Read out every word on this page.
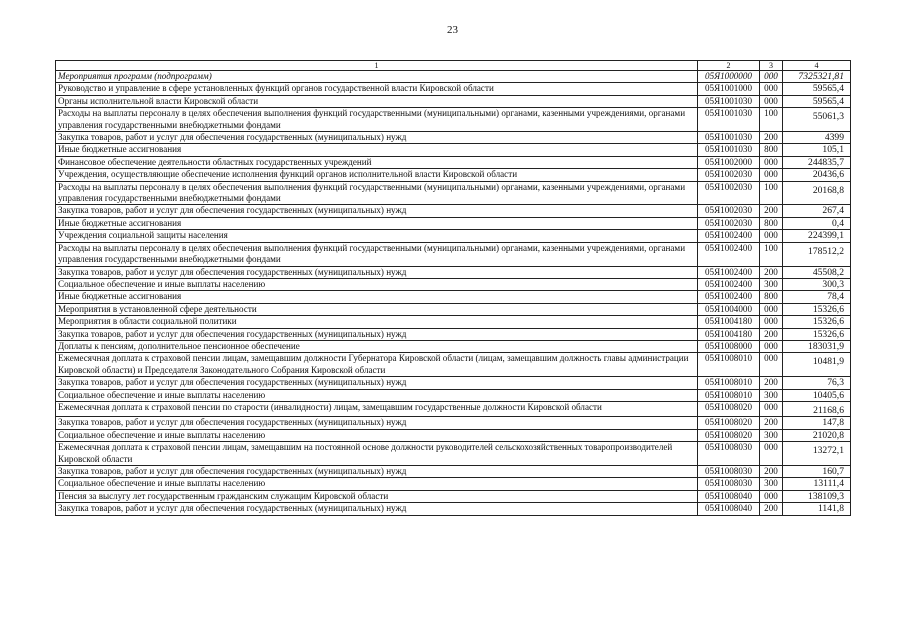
23
1	2	3	4
Мероприятия программ (подпрограмм)	05Я1000000	000	7325321,81
Руководство и управление в сфере установленных функций органов государственной власти Кировской области	05Я1001000	000	59565,4
Органы исполнительной власти Кировской области	05Я1001030	000	59565,4
Расходы на выплаты персоналу в целях обеспечения выполнения функций государственными (муниципальными) органами, казенными учреждениями, органами управления государственными внебюджетными фондами	05Я1001030	100	55061,3
Закупка товаров, работ и услуг для обеспечения государственных (муниципальных) нужд	05Я1001030	200	4399
Иные бюджетные ассигнования	05Я1001030	800	105,1
Финансовое обеспечение деятельности областных государственных учреждений	05Я1002000	000	244835,7
Учреждения, осуществляющие обеспечение исполнения функций органов исполнительной власти Кировской области	05Я1002030	000	20436,6
Расходы на выплаты персоналу в целях обеспечения выполнения функций государственными (муниципальными) органами, казенными учреждениями, органами управления государственными внебюджетными фондами	05Я1002030	100	20168,8
Закупка товаров, работ и услуг для обеспечения государственных (муниципальных) нужд	05Я1002030	200	267,4
Иные бюджетные ассигнования	05Я1002030	800	0,4
Учреждения социальной защиты населения	05Я1002400	000	224399,1
Расходы на выплаты персоналу в целях обеспечения выполнения функций государственными (муниципальными) органами, казенными учреждениями, органами управления государственными внебюджетными фондами	05Я1002400	100	178512,2
Закупка товаров, работ и услуг для обеспечения государственных (муниципальных) нужд	05Я1002400	200	45508,2
Социальное обеспечение и иные выплаты населению	05Я1002400	300	300,3
Иные бюджетные ассигнования	05Я1002400	800	78,4
Мероприятия в установленной сфере деятельности	05Я1004000	000	15326,6
Мероприятия в области социальной политики	05Я1004180	000	15326,6
Закупка товаров, работ и услуг для обеспечения государственных (муниципальных) нужд	05Я1004180	200	15326,6
Доплаты к пенсиям, дополнительное пенсионное обеспечение	05Я1008000	000	183031,9
Ежемесячная доплата к страховой пенсии лицам, замещавшим должности Губернатора Кировской области (лицам, замещавшим должность главы администрации Кировской области) и Председателя Законодательного Собрания Кировской области	05Я1008010	000	10481,9
Закупка товаров, работ и услуг для обеспечения государственных (муниципальных) нужд	05Я1008010	200	76,3
Социальное обеспечение и иные выплаты населению	05Я1008010	300	10405,6
Ежемесячная доплата к страховой пенсии по старости (инвалидности) лицам, замещавшим государственные должности Кировской области	05Я1008020	000	21168,6
Закупка товаров, работ и услуг для обеспечения государственных (муниципальных) нужд	05Я1008020	200	147,8
Социальное обеспечение и иные выплаты населению	05Я1008020	300	21020,8
Ежемесячная доплата к страховой пенсии лицам, замещавшим на постоянной основе должности руководителей сельскохозяйственных товаропроизводителей Кировской области	05Я1008030	000	13272,1
Закупка товаров, работ и услуг для обеспечения государственных (муниципальных) нужд	05Я1008030	200	160,7
Социальное обеспечение и иные выплаты населению	05Я1008030	300	13111,4
Пенсия за выслугу лет государственным гражданским служащим Кировской области	05Я1008040	000	138109,3
Закупка товаров, работ и услуг для обеспечения государственных (муниципальных) нужд	05Я1008040	200	1141,8
